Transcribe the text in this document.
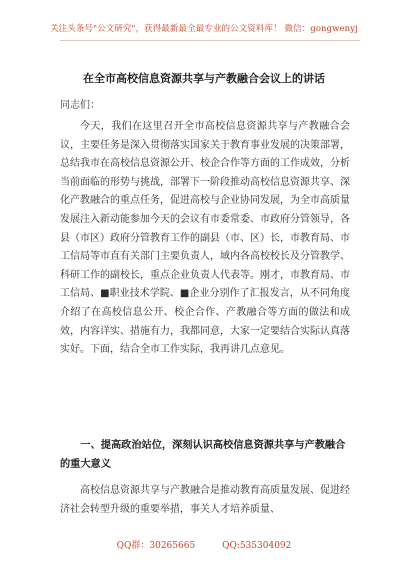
关注头条号"公文研究"，获得最新最全最专业的公文资料库！ 微信：gongwenyj
在全市高校信息资源共享与产教融合会议上的讲话
同志们：

今天，我们在这里召开全市高校信息资源共享与产教融合会议，主要任务是深入贯彻落实国家关于教育事业发展的决策部署，总结我市在高校信息资源公开、校企合作等方面的工作成效，分析当前面临的形势与挑战，部署下一阶段推动高校信息资源共享、深化产教融合的重点任务，促进高校与企业协同发展，为全市高质量发展注入新动能参加今天的会议有市委常委、市政府分管领导，各县（市区）政府分管教育工作的副县（市、区）长，市教育局、市工信局等市直有关部门主要负责人，域内各高校校长及分管教学、科研工作的副校长，重点企业负责人代表等。刚才，市教育局、市工信局、■职业技术学院、■企业分别作了汇报发言，从不同角度介绍了在高校信息公开、校企合作、产教融合等方面的做法和成效，内容详实、措施有力，我都同意，大家一定要结合实际认真落实好。下面，结合全市工作实际，我再讲几点意见。

一、提高政治站位，深刻认识高校信息资源共享与产教融合的重大意义

高校信息资源共享与产教融合是推动教育高质量发展、促进经济社会转型升级的重要举措，事关人才培养质量、

QQ群：30265665	QQ:535304092
